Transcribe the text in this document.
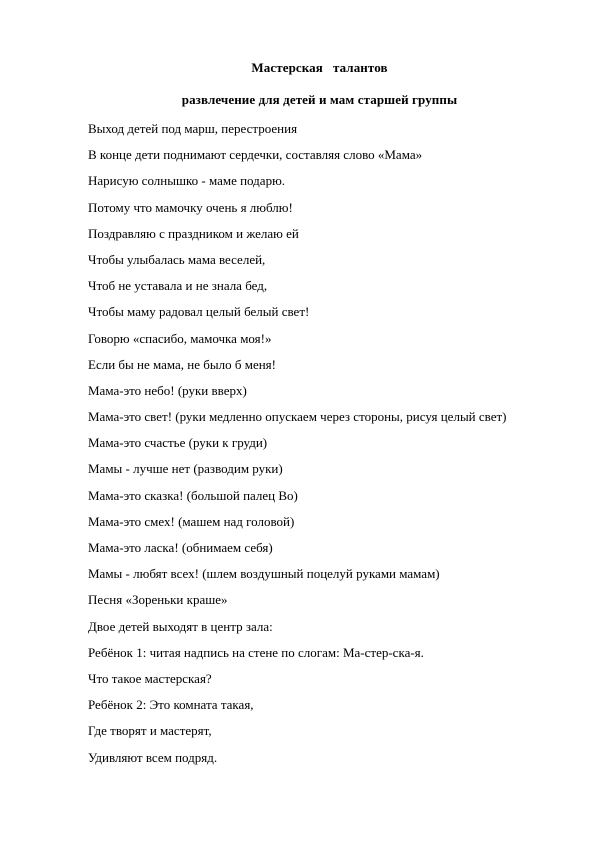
Мастерская   талантов
развлечение для детей и мам старшей группы
Выход детей под марш, перестроения
В конце дети поднимают сердечки, составляя слово «Мама»
Нарисую солнышко - маме подарю.
Потому что мамочку очень я люблю!
Поздравляю с праздником и желаю ей
Чтобы улыбалась мама веселей,
Чтоб не уставала и не знала бед,
Чтобы маму радовал целый белый свет!
Говорю «спасибо, мамочка моя!»
Если бы не мама, не было б меня!
Мама-это небо! (руки вверх)
Мама-это свет! (руки медленно опускаем через стороны, рисуя целый свет)
Мама-это счастье (руки к груди)
Мамы - лучше нет (разводим руки)
Мама-это сказка! (большой палец Во)
Мама-это смех! (машем над головой)
Мама-это ласка! (обнимаем себя)
Мамы - любят всех! (шлем воздушный поцелуй руками мамам)
Песня «Зореньки краше»
Двое детей выходят в центр зала:
Ребёнок 1: читая надпись на стене по слогам: Ма-стер-ска-я.
Что такое мастерская?
Ребёнок 2: Это комната такая,
Где творят и мастерят,
Удивляют всем подряд.
